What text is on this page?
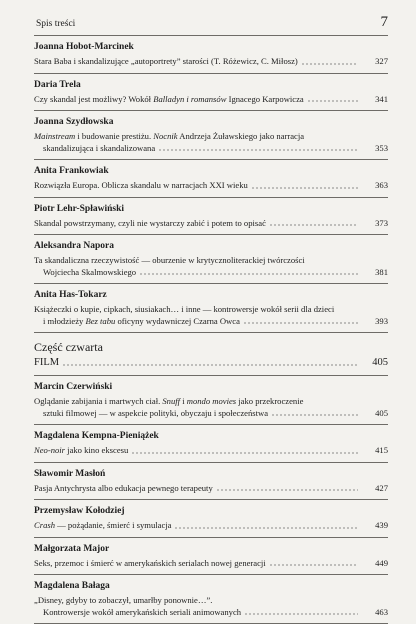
Spis treści	7
Joanna Hobot-Marcinek
Stara Baba i skandalizujące „autoportrety” starości (T. Różewicz, C. Miłosz)	327
Daria Trela
Czy skandal jest możliwy? Wokół Balladyn i romansów Ignacego Karpowicza	341
Joanna Szydłowska
Mainstream i budowanie prestiżu. Nocnik Andrzeja Żuławskiego jako narracja
skandalizująca i skandalizowana	353
Anita Frankowiak
Rozwiązła Europa. Oblicza skandalu w narracjach XXI wieku	363
Piotr Lehr-Spławiński
Skandal powstrzymany, czyli nie wystarczy zabić i potem to opisać	373
Aleksandra Napora
Ta skandaliczna rzeczywistość — oburzenie w krytycznoliterackiej twórczości
Wojciecha Skalmowskiego	381
Anita Has-Tokarz
Książeczki o kupie, cipkach, siusiakach… i inne — kontrowersje wokół serii dla dzieci
i młodzieży Bez tabu oficyny wydawniczej Czarna Owca	393
Część czwarta
FILM	405
Marcin Czerwiński
Oglądanie zabijania i martwych ciał. Snuff i mondo movies jako przekroczenie
sztuki filmowej — w aspekcie polityki, obyczaju i społeczeństwa	405
Magdalena Kempna-Pieniążek
Neo-noir jako kino ekscesu	415
Sławomir Masłoń
Pasja Antychrysta albo edukacja pewnego terapeuty	427
Przemysław Kołodziej
Crash — pożądanie, śmierć i symulacja	439
Małgorzata Major
Seks, przemoc i śmierć w amerykańskich serialach nowej generacji	449
Magdalena Bałaga
„Disney, gdyby to zobaczył, umarłby ponownie…”.
Kontrowersje wokół amerykańskich seriali animowanych	463
